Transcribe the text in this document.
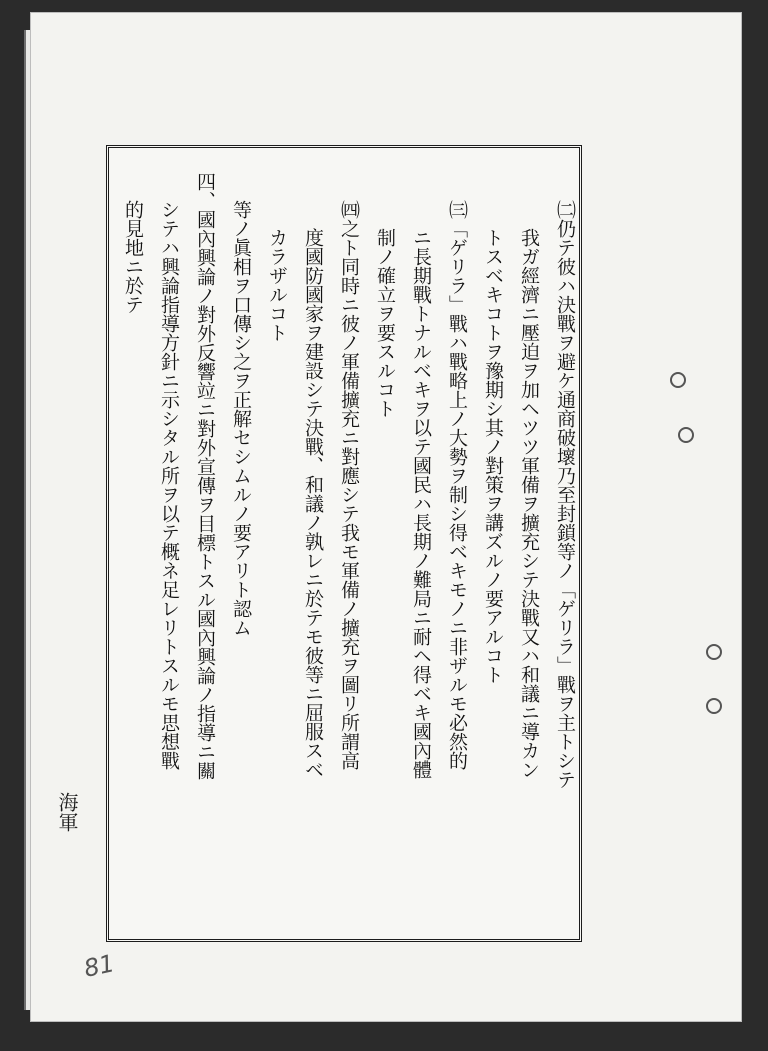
㈡仍テ彼ハ決戰ヲ避ケ通商破壞乃至封鎖等ノ「ゲリラ」戰ヲ主トシテ
我ガ經濟ニ壓迫ヲ加ヘツツ軍備ヲ擴充シテ決戰又ハ和議ニ導カン
トスベキコトヲ豫期シ其ノ對策ヲ講ズルノ要アルコト
㈢「ゲリラ」戰ハ戰略上ノ大勢ヲ制シ得ベキモノニ非ザルモ必然的
ニ長期戰トナルベキヲ以テ國民ハ長期ノ難局ニ耐ヘ得ベキ國內體
制ノ確立ヲ要スルコト
㈣之ト同時ニ彼ノ軍備擴充ニ對應シテ我モ軍備ノ擴充ヲ圖リ所謂高
度國防國家ヲ建設シテ決戰、和議ノ孰レニ於テモ彼等ニ屈服スベ
カラザルコト
等ノ眞相ヲ口傳シ之ヲ正解セシムルノ要アリト認ム
四、國內興論ノ對外反響竝ニ對外宣傳ヲ目標トスル國內興論ノ指導ニ關
シテハ興論指導方針ニ示シタル所ヲ以テ概ネ足レリトスルモ思想戰
的見地ニ於テ
海軍
81
